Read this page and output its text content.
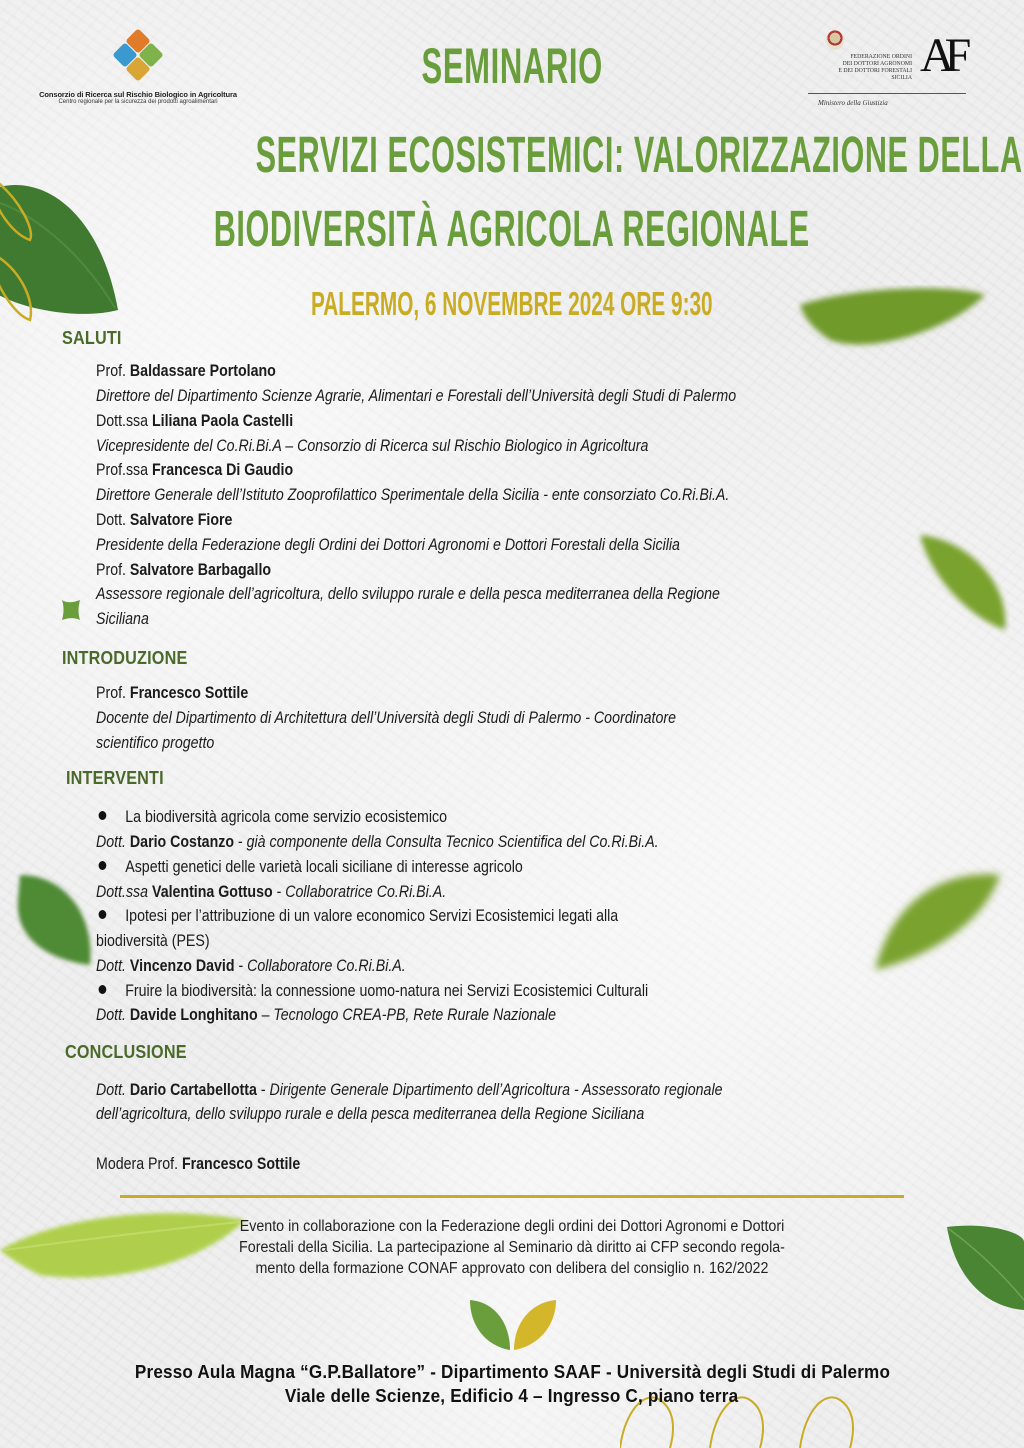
Consorzio di Ricerca sul Rischio Biologico in Agricoltura
Centro regionale per la sicurezza dei prodotti agroalimentari
FEDERAZIONE ORDINI
DEI DOTTORI AGRONOMI
E DEI DOTTORI FORESTALI
SICILIA AF
Ministero della Giustizia
SEMINARIO
SERVIZI ECOSISTEMICI: VALORIZZAZIONE DELLA
BIODIVERSITÀ AGRICOLA REGIONALE
PALERMO, 6 NOVEMBRE 2024 ORE 9:30
SALUTI
Prof. Baldassare Portolano
Direttore del Dipartimento Scienze Agrarie, Alimentari e Forestali dell’Università degli Studi di Palermo
Dott.ssa Liliana Paola Castelli
Vicepresidente del Co.Ri.Bi.A – Consorzio di Ricerca sul Rischio Biologico in Agricoltura
Prof.ssa Francesca Di Gaudio
Direttore Generale dell’Istituto Zooprofilattico Sperimentale della Sicilia - ente consorziato Co.Ri.Bi.A.
Dott. Salvatore Fiore
Presidente della Federazione degli Ordini dei Dottori Agronomi e Dottori Forestali della Sicilia
Prof. Salvatore Barbagallo
Assessore regionale dell’agricoltura, dello sviluppo rurale e della pesca mediterranea della Regione
Siciliana
INTRODUZIONE
Prof. Francesco Sottile
Docente del Dipartimento di Architettura dell’Università degli Studi di Palermo - Coordinatore
scientifico progetto
INTERVENTI
La biodiversità agricola come servizio ecosistemico
Dott. Dario Costanzo - già componente della Consulta Tecnico Scientifica del Co.Ri.Bi.A.
Aspetti genetici delle varietà locali siciliane di interesse agricolo
Dott.ssa Valentina Gottuso - Collaboratrice Co.Ri.Bi.A.
Ipotesi per l’attribuzione di un valore economico Servizi Ecosistemici legati alla
biodiversità (PES)
Dott. Vincenzo David - Collaboratore Co.Ri.Bi.A.
Fruire la biodiversità: la connessione uomo-natura nei Servizi Ecosistemici Culturali
Dott. Davide Longhitano – Tecnologo CREA-PB, Rete Rurale Nazionale
CONCLUSIONE
Dott. Dario Cartabellotta - Dirigente Generale Dipartimento dell’Agricoltura - Assessorato regionale
dell’agricoltura, dello sviluppo rurale e della pesca mediterranea della Regione Siciliana
Modera Prof. Francesco Sottile
Evento in collaborazione con la Federazione degli ordini dei Dottori Agronomi e Dottori
Forestali della Sicilia. La partecipazione al Seminario dà diritto ai CFP secondo regola-
mento della formazione CONAF approvato con delibera del consiglio n. 162/2022
Presso Aula Magna “G.P.Ballatore” - Dipartimento SAAF - Università degli Studi di Palermo
Viale delle Scienze, Edificio 4 – Ingresso C, piano terra
